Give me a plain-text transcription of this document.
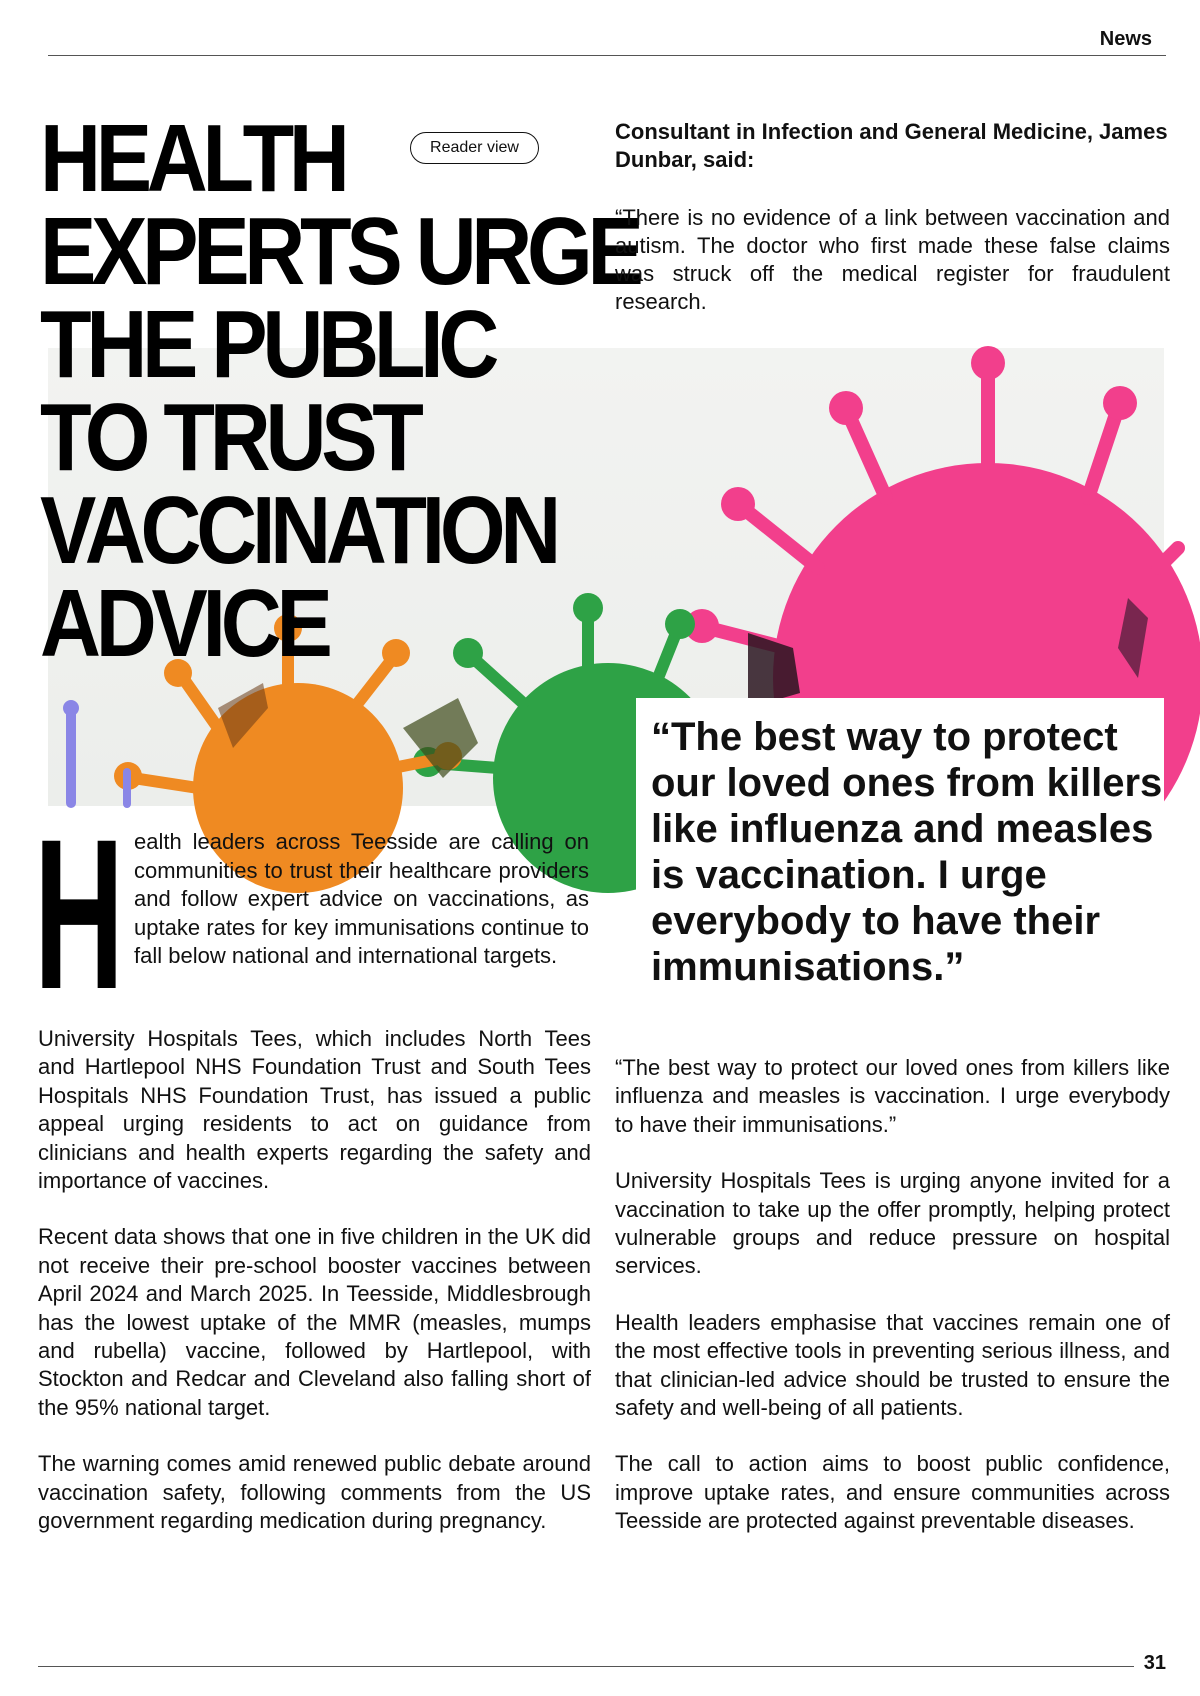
News
HEALTH
EXPERTS URGE
THE PUBLIC
TO TRUST
VACCINATION
ADVICE
Reader view
Consultant in Infection and General Medicine, James Dunbar, said:
“There is no evidence of a link between vaccination and autism. The doctor who first made these false claims was struck off the medical register for fraudulent research.
“The best way to protect our loved ones from killers like influenza and measles is vaccination. I urge everybody to have their immunisations.”
H ealth leaders across Teesside are calling on communities to trust their healthcare providers and follow expert advice on vaccinations, as uptake rates for key immunisations continue to fall below national and international targets.

University Hospitals Tees, which includes North Tees and Hartlepool NHS Foundation Trust and South Tees Hospitals NHS Foundation Trust, has issued a public appeal urging residents to act on guidance from clinicians and health experts regarding the safety and importance of vaccines.

Recent data shows that one in five children in the UK did not receive their pre-school booster vaccines between April 2024 and March 2025. In Teesside, Middlesbrough has the lowest uptake of the MMR (measles, mumps and rubella) vaccine, followed by Hartlepool, with Stockton and Redcar and Cleveland also falling short of the 95% national target.

The warning comes amid renewed public debate around vaccination safety, following comments from the US government regarding medication during pregnancy.

“The best way to protect our loved ones from killers like influenza and measles is vaccination. I urge everybody to have their immunisations.”

University Hospitals Tees is urging anyone invited for a vaccination to take up the offer promptly, helping protect vulnerable groups and reduce pressure on hospital services.

Health leaders emphasise that vaccines remain one of the most effective tools in preventing serious illness, and that clinician-led advice should be trusted to ensure the safety and well-being of all patients.

The call to action aims to boost public confidence, improve uptake rates, and ensure communities across Teesside are protected against preventable diseases.

31
